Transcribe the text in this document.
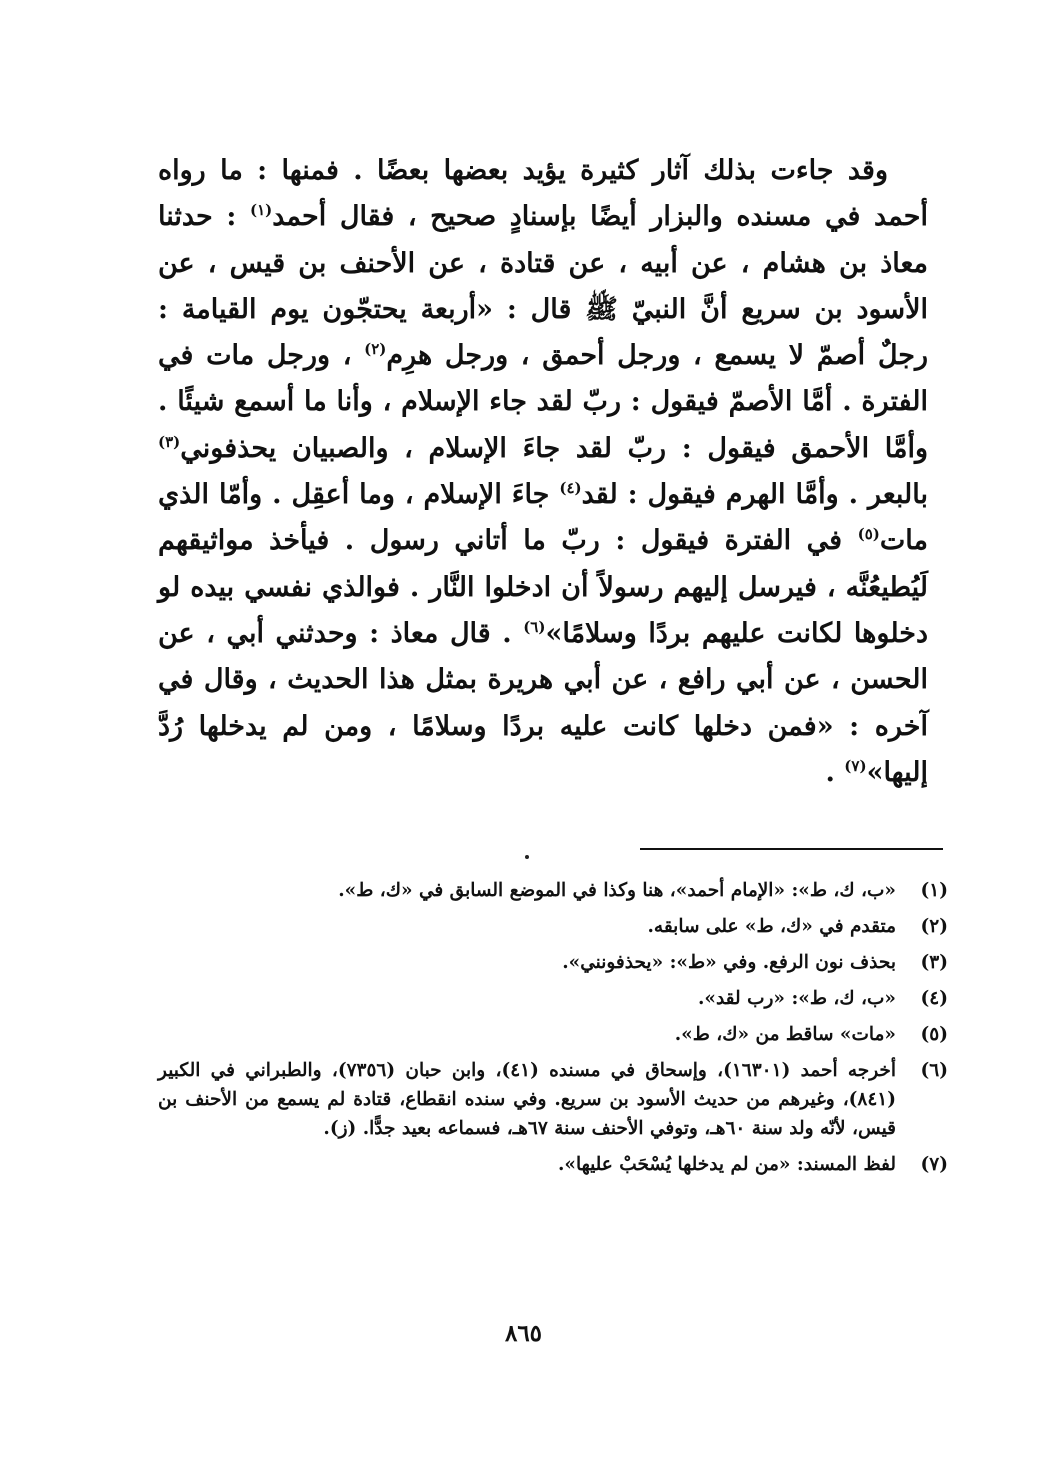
وقد جاءت بذلك آثار كثيرة يؤيد بعضها بعضًا . فمنها : ما رواه أحمد في مسنده والبزار أيضًا بإسنادٍ صحيح ، فقال أحمد$^{(١)}$ : حدثنا معاذ بن هشام ، عن أبيه ، عن قتادة ، عن الأحنف بن قيس ، عن الأسود بن سريع أنَّ النبيّ ﷺ قال : «أربعة يحتجّون يوم القيامة : رجلٌ أصمّ لا يسمع ، ورجل أحمق ، ورجل هرِم$^{(٢)}$ ، ورجل مات في الفترة . أمَّا الأصمّ فيقول : ربّ لقد جاء الإسلام ، وأنا ما أسمع شيئًا . وأمَّا الأحمق فيقول : ربّ لقد جاءَ الإسلام ، والصبيان يحذفوني$^{(٣)}$ بالبعر . وأمَّا الهرم فيقول : لقد$^{(٤)}$ جاءَ الإسلام ، وما أعقِل . وأمّا الذي مات$^{(٥)}$ في الفترة فيقول : ربّ ما أتاني رسول . فيأخذ مواثيقهم لَيُطيعُنَّه ، فيرسل إليهم رسولاً أن ادخلوا النَّار . فوالذي نفسي بيده لو دخلوها لكانت عليهم بردًا وسلامًا»$^{(٦)}$ . قال معاذ : وحدثني أبي ، عن الحسن ، عن أبي رافع ، عن أبي هريرة بمثل هذا الحديث ، وقال في آخره : «فمن دخلها كانت عليه بردًا وسلامًا ، ومن لم يدخلها رُدَّ إليها»$^{(٧)}$ .

(١)
«ب، ك، ط»: «الإمام أحمد»، هنا وكذا في الموضع السابق في «ك، ط».
(٢)
متقدم في «ك، ط» على سابقه.
(٣)
بحذف نون الرفع. وفي «ط»: «يحذفونني».
(٤)
«ب، ك، ط»: «رب لقد».
(٥)
«مات» ساقط من «ك، ط».
(٦)
أخرجه أحمد (١٦٣٠١)، وإسحاق في مسنده (٤١)، وابن حبان (٧٣٥٦)، والطبراني في الكبير (٨٤١)، وغيرهم من حديث الأسود بن سريع. وفي سنده انقطاع، قتادة لم يسمع من الأحنف بن قيس، لأنّه ولد سنة ٦٠هـ، وتوفي الأحنف سنة ٦٧هـ، فسماعه بعيد جدًّا. (ز).
(٧)
لفظ المسند: «من لم يدخلها يُسْحَبْ عليها».
٨٦٥
